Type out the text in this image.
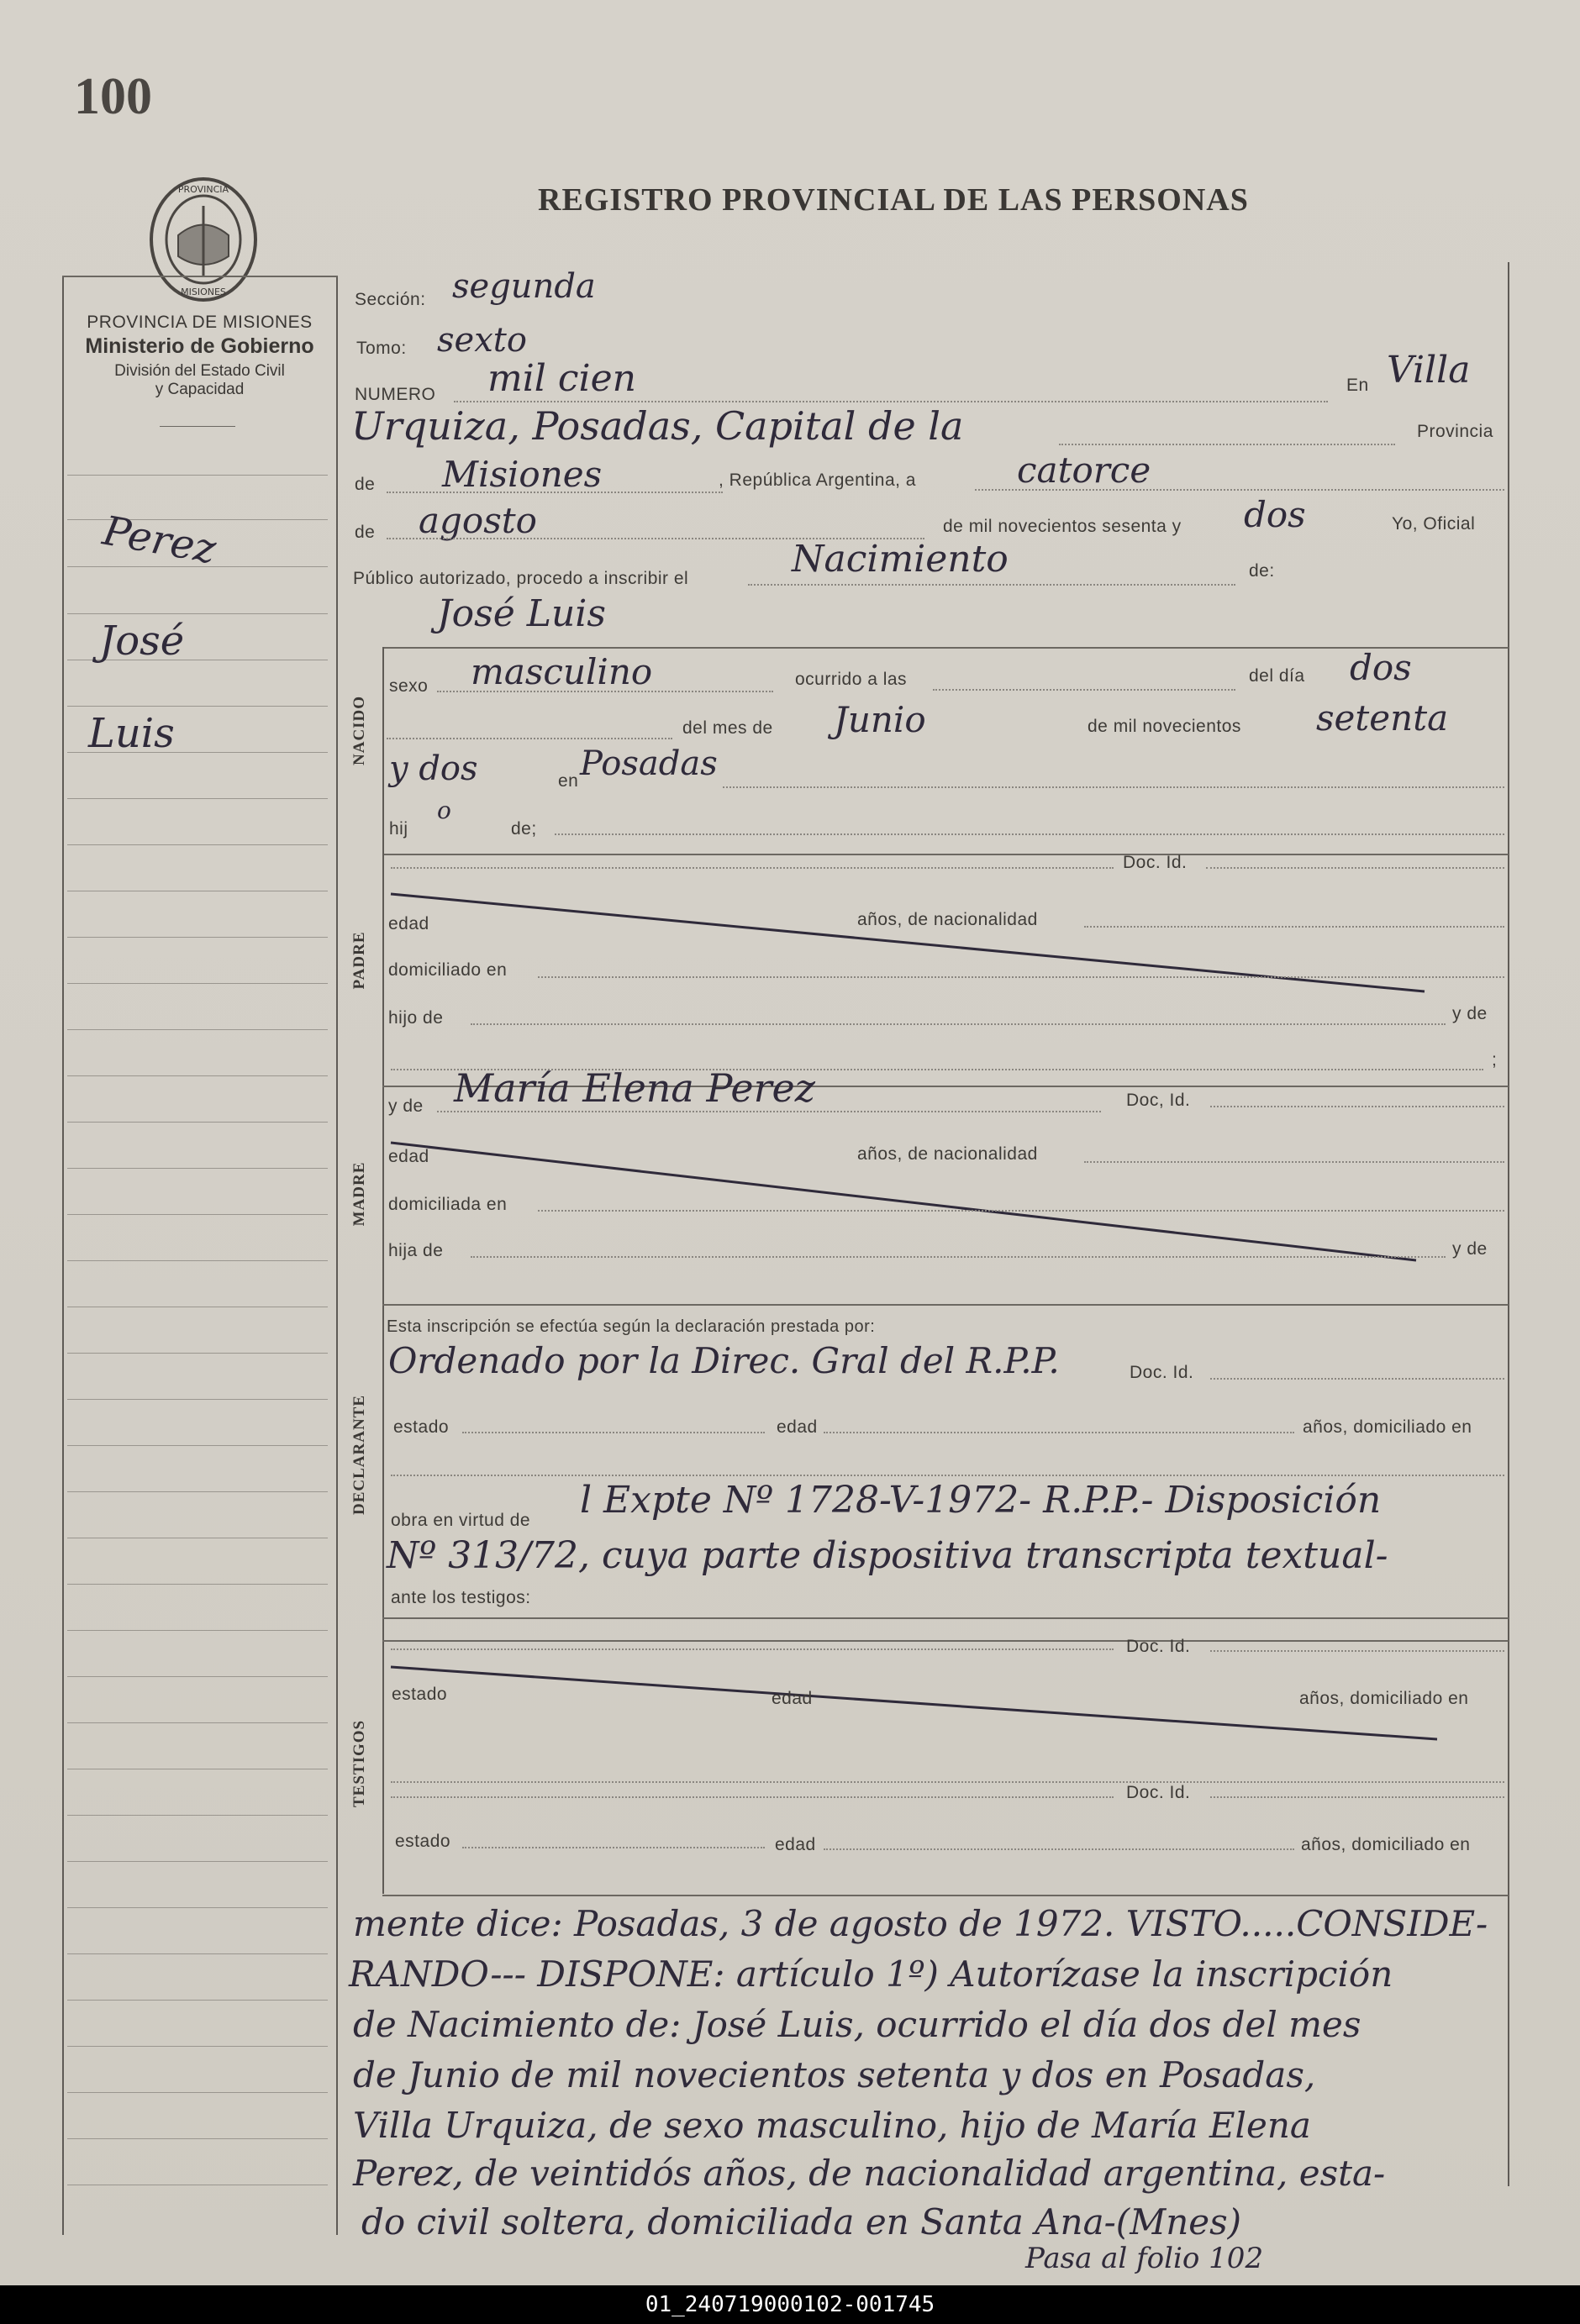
100
PROVINCIA
MISIONES
REGISTRO PROVINCIAL DE LAS PERSONAS
PROVINCIA DE MISIONES
Ministerio de Gobierno
División del Estado Civil
y Capacidad
Perez
José
Luis
Sección: segunda
Tomo: sexto
NUMERO mil cien	En Villa
Urquiza, Posadas, Capital de la	Provincia
de Misiones	, República Argentina, a	catorce
de agosto	de mil novecientos sesenta y dos	Yo, Oficial
Público autorizado, procedo a inscribir el	Nacimiento	de:
José Luis
NACIDO
sexo masculino	ocurrido a las	del día dos
del mes de Junio	de mil novecientos setenta
y dos	en Posadas
hij
o
de;
Doc. Id.
PADRE
edad	años, de nacionalidad
domiciliado en
hijo de	y de
;
y de María Elena Perez	Doc, Id.
MADRE
edad	años, de nacionalidad
domiciliada en
hija de	y de
Esta inscripción se efectúa según la declaración prestada por:
Ordenado por la Direc. Gral del R.P.P.	Doc. Id.
DECLARANTE estado	edad	años, domiciliado en
obra en virtud de l Expte Nº 1728-V-1972- R.P.P.- Disposición
Nº 313/72, cuya parte dispositiva transcripta textual-
ante los testigos:
TESTIGOS
Doc. Id.
estado	edad	años, domiciliado en
Doc. Id.
estado	edad	años, domiciliado en
mente dice: Posadas, 3 de agosto de 1972. VISTO.....CONSIDE-
RANDO--- DISPONE: artículo 1º) Autorízase la inscripción
de Nacimiento de: José Luis, ocurrido el día dos del mes
de Junio de mil novecientos setenta y dos en Posadas,
Villa Urquiza, de sexo masculino, hijo de María Elena
Perez, de veintidós años, de nacionalidad argentina, esta-
do civil soltera, domiciliada en Santa Ana-(Mnes)
Pasa al folio 102
01_240719000102-001745
